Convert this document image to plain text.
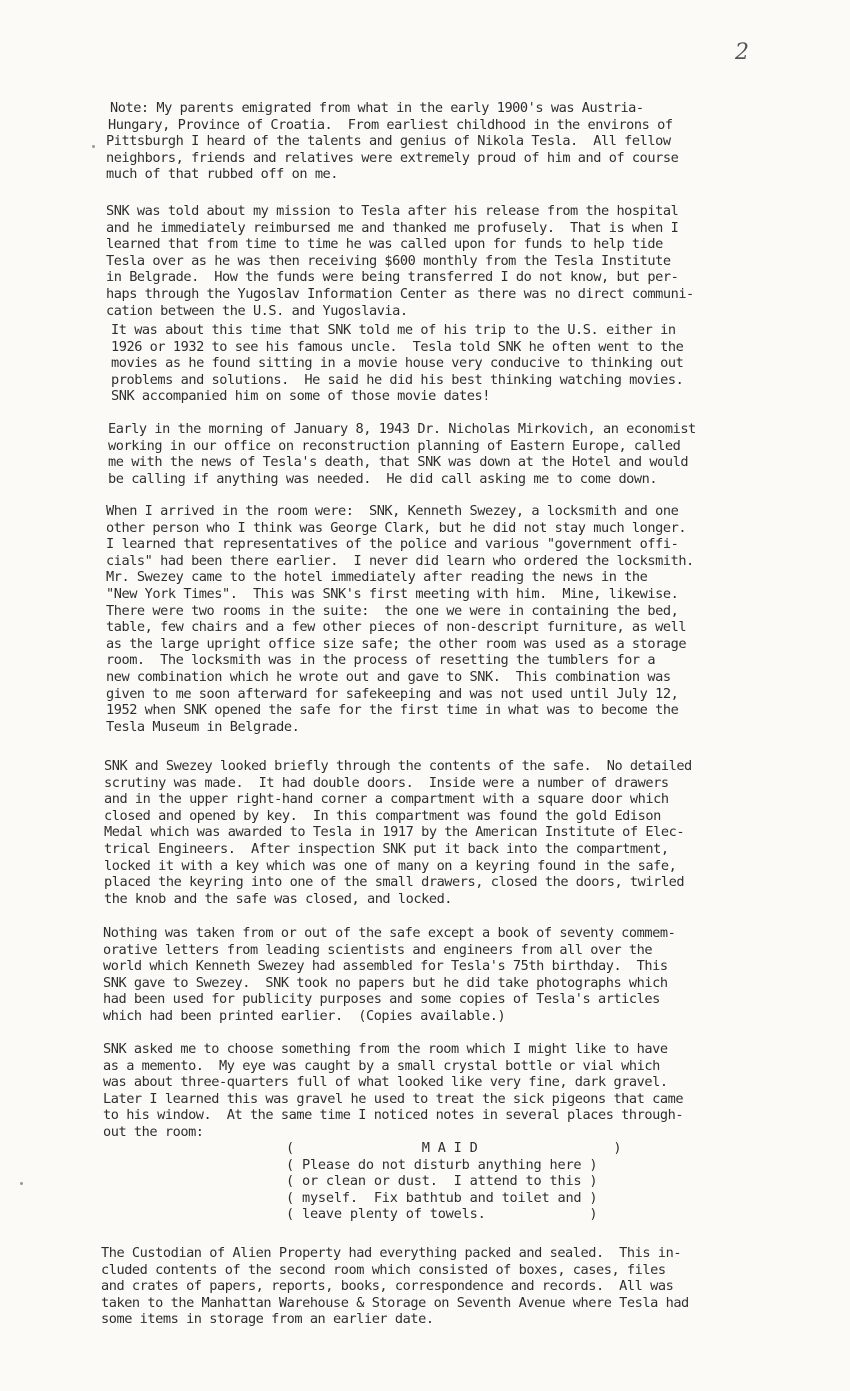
2
Note: My parents emigrated from what in the early 1900's was Austria-
Hungary, Province of Croatia.  From earliest childhood in the environs of
Pittsburgh I heard of the talents and genius of Nikola Tesla.  All fellow
neighbors, friends and relatives were extremely proud of him and of course
much of that rubbed off on me.
SNK was told about my mission to Tesla after his release from the hospital
and he immediately reimbursed me and thanked me profusely.  That is when I
learned that from time to time he was called upon for funds to help tide
Tesla over as he was then receiving $600 monthly from the Tesla Institute
in Belgrade.  How the funds were being transferred I do not know, but per-
haps through the Yugoslav Information Center as there was no direct communi-
cation between the U.S. and Yugoslavia.
It was about this time that SNK told me of his trip to the U.S. either in
1926 or 1932 to see his famous uncle.  Tesla told SNK he often went to the
movies as he found sitting in a movie house very conducive to thinking out
problems and solutions.  He said he did his best thinking watching movies.
SNK accompanied him on some of those movie dates!
Early in the morning of January 8, 1943 Dr. Nicholas Mirkovich, an economist
working in our office on reconstruction planning of Eastern Europe, called
me with the news of Tesla's death, that SNK was down at the Hotel and would
be calling if anything was needed.  He did call asking me to come down.
When I arrived in the room were:  SNK, Kenneth Swezey, a locksmith and one
other person who I think was George Clark, but he did not stay much longer.
I learned that representatives of the police and various "government offi-
cials" had been there earlier.  I never did learn who ordered the locksmith.
Mr. Swezey came to the hotel immediately after reading the news in the
"New York Times".  This was SNK's first meeting with him.  Mine, likewise.
There were two rooms in the suite:  the one we were in containing the bed,
table, few chairs and a few other pieces of non-descript furniture, as well
as the large upright office size safe; the other room was used as a storage
room.  The locksmith was in the process of resetting the tumblers for a
new combination which he wrote out and gave to SNK.  This combination was
given to me soon afterward for safekeeping and was not used until July 12,
1952 when SNK opened the safe for the first time in what was to become the
Tesla Museum in Belgrade.
SNK and Swezey looked briefly through the contents of the safe.  No detailed
scrutiny was made.  It had double doors.  Inside were a number of drawers
and in the upper right-hand corner a compartment with a square door which
closed and opened by key.  In this compartment was found the gold Edison
Medal which was awarded to Tesla in 1917 by the American Institute of Elec-
trical Engineers.  After inspection SNK put it back into the compartment,
locked it with a key which was one of many on a keyring found in the safe,
placed the keyring into one of the small drawers, closed the doors, twirled
the knob and the safe was closed, and locked.
Nothing was taken from or out of the safe except a book of seventy commem-
orative letters from leading scientists and engineers from all over the
world which Kenneth Swezey had assembled for Tesla's 75th birthday.  This
SNK gave to Swezey.  SNK took no papers but he did take photographs which
had been used for publicity purposes and some copies of Tesla's articles
which had been printed earlier.  (Copies available.)
SNK asked me to choose something from the room which I might like to have
as a memento.  My eye was caught by a small crystal bottle or vial which
was about three-quarters full of what looked like very fine, dark gravel.
Later I learned this was gravel he used to treat the sick pigeons that came
to his window.  At the same time I noticed notes in several places through-
out the room:
The Custodian of Alien Property had everything packed and sealed.  This in-
cluded contents of the second room which consisted of boxes, cases, files
and crates of papers, reports, books, correspondence and records.  All was
taken to the Manhattan Warehouse & Storage on Seventh Avenue where Tesla had
some items in storage from an earlier date.
(                M A I D                 )
( Please do not disturb anything here )
( or clean or dust.  I attend to this )
( myself.  Fix bathtub and toilet and )
( leave plenty of towels.             )
